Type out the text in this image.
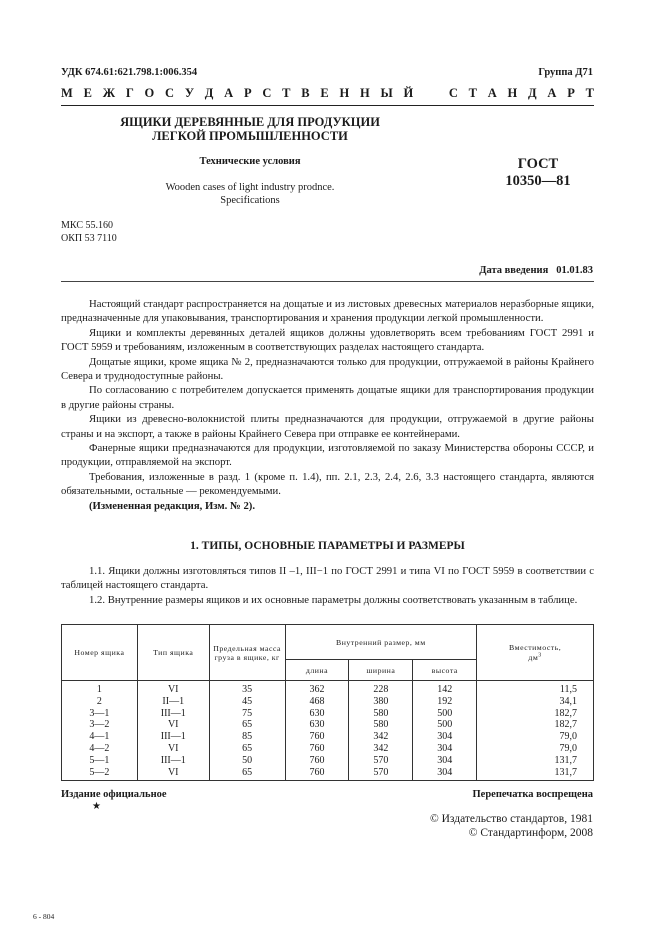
УДК 674.61:621.798.1:006.354	Группа Д71
М Е Ж Г О С У Д А Р С Т В Е Н Н Ы Й	С Т А Н Д А Р Т
ЯЩИКИ ДЕРЕВЯННЫЕ ДЛЯ ПРОДУКЦИИ
ЛЕГКОЙ ПРОМЫШЛЕННОСТИ
Технические условия
Wooden cases of light industry prodnce.
Specifications
ГОСТ
10350—81
МКС 55.160
ОКП 53 7110
Дата введения 01.01.83

Настоящий стандарт распространяется на дощатые и из листовых древесных материалов неразборные ящики, предназначенные для упаковывания, транспортирования и хранения продукции легкой промышленности.

Ящики и комплекты деревянных деталей ящиков должны удовлетворять всем требованиям ГОСТ 2991 и ГОСТ 5959 и требованиям, изложенным в соответствующих разделах настоящего стандарта.

Дощатые ящики, кроме ящика № 2, предназначаются только для продукции, отгружаемой в районы Крайнего Севера и труднодоступные районы.

По согласованию с потребителем допускается применять дощатые ящики для транспортирования продукции в другие районы страны.

Ящики из древесно-волокнистой плиты предназначаются для продукции, отгружаемой в другие районы страны и на экспорт, а также в районы Крайнего Севера при отправке ее контейнерами.

Фанерные ящики предназначаются для продукции, изготовляемой по заказу Министерства обороны СССР, и продукции, отправляемой на экспорт.

Требования, изложенные в разд. 1 (кроме п. 1.4), пп. 2.1, 2.3, 2.4, 2.6, 3.3 настоящего стандарта, являются обязательными, остальные — рекомендуемыми.

(Измененная редакция, Изм. № 2).

1. ТИПЫ, ОСНОВНЫЕ ПАРАМЕТРЫ И РАЗМЕРЫ

1.1. Ящики должны изготовляться типов II –1, III−1 по ГОСТ 2991 и типа VI по ГОСТ 5959 в соответствии с таблицей настоящего стандарта.

1.2. Внутренние размеры ящиков и их основные параметры должны соответствовать указанным в таблице.

Номер ящика	Тип ящика	Предельная масса груза в ящике, кг	Внутренний размер, мм			Вместимость,
$дм^3$
			длина	ширина	высота	
1	VI	35	362	228	142	11,5
2	II—1	45	468	380	192	34,1
3—1	III—1	75	630	580	500	182,7
3—2	VI	65	630	580	500	182,7
4—1	III—1	85	760	342	304	79,0
4—2	VI	65	760	342	304	79,0
5—1	III—1	50	760	570	304	131,7
5—2	VI	65	760	570	304	131,7
Издание официальное
★
Перепечатка воспрещена
© Издательство стандартов, 1981
© Стандартинформ, 2008
6 - 804
